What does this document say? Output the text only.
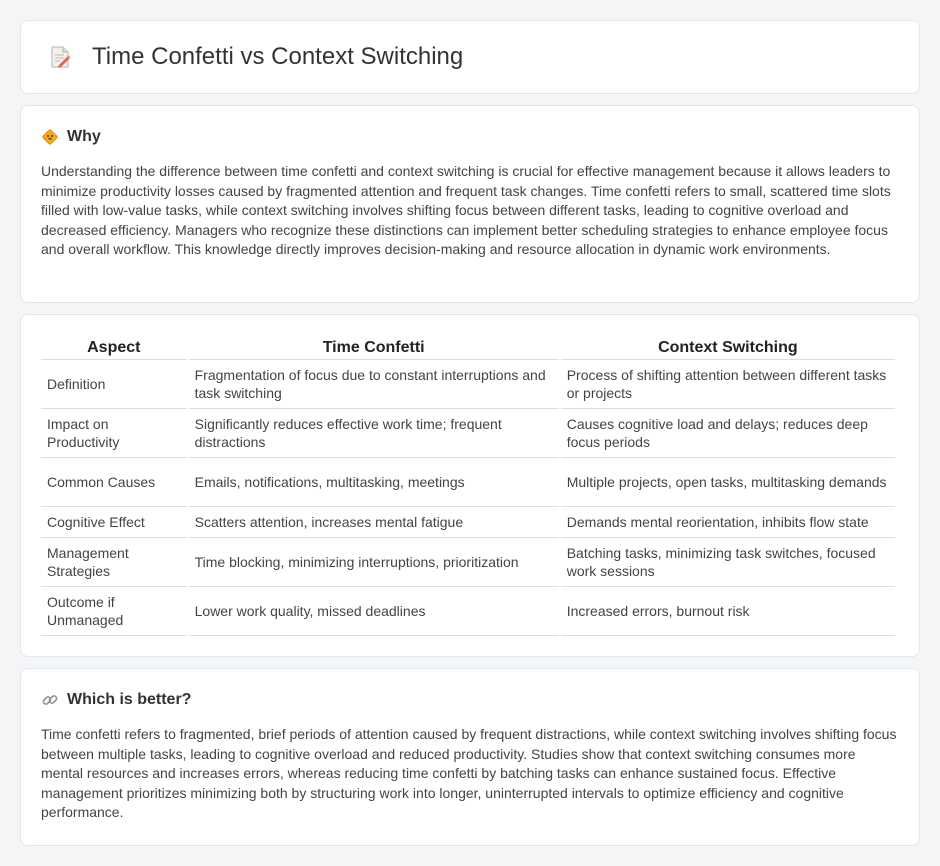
Time Confetti vs Context Switching
Why

Understanding the difference between time confetti and context switching is crucial for effective management because it allows leaders to minimize productivity losses caused by fragmented attention and frequent task changes. Time confetti refers to small, scattered time slots filled with low-value tasks, while context switching involves shifting focus between different tasks, leading to cognitive overload and decreased efficiency. Managers who recognize these distinctions can implement better scheduling strategies to enhance employee focus and overall workflow. This knowledge directly improves decision-making and resource allocation in dynamic work environments.

Aspect	Time Confetti	Context Switching
Definition	Fragmentation of focus due to constant interruptions and task switching	Process of shifting attention between different tasks or projects
Impact on Productivity	Significantly reduces effective work time; frequent distractions	Causes cognitive load and delays; reduces deep focus periods
Common Causes	Emails, notifications, multitasking, meetings	Multiple projects, open tasks, multitasking demands
Cognitive Effect	Scatters attention, increases mental fatigue	Demands mental reorientation, inhibits flow state
Management Strategies	Time blocking, minimizing interruptions, prioritization	Batching tasks, minimizing task switches, focused work sessions
Outcome if Unmanaged	Lower work quality, missed deadlines	Increased errors, burnout risk
Which is better?

Time confetti refers to fragmented, brief periods of attention caused by frequent distractions, while context switching involves shifting focus between multiple tasks, leading to cognitive overload and reduced productivity. Studies show that context switching consumes more mental resources and increases errors, whereas reducing time confetti by batching tasks can enhance sustained focus. Effective management prioritizes minimizing both by structuring work into longer, uninterrupted intervals to optimize efficiency and cognitive performance.
